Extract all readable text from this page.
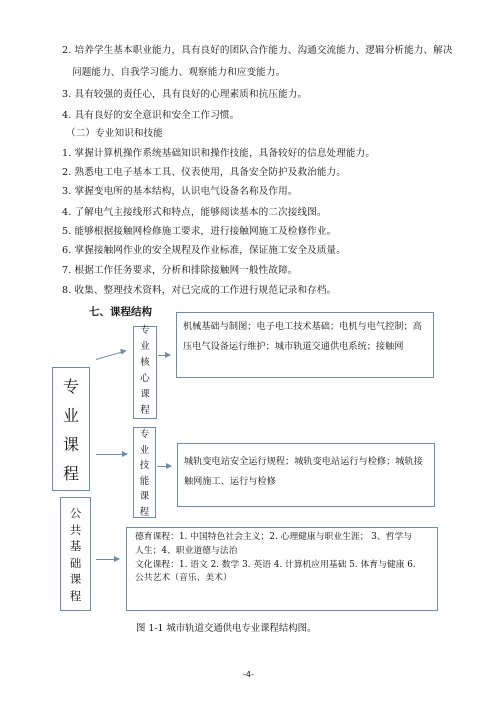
2. 培养学生基本职业能力，具有良好的团队合作能力、沟通交流能力、逻辑分析能力、解决
问题能力、自我学习能力、观察能力和应变能力。
3. 具有较强的责任心，具有良好的心理素质和抗压能力。
4. 具有良好的安全意识和安全工作习惯。
（二）专业知识和技能
1. 掌握计算机操作系统基础知识和操作技能，具备较好的信息处理能力。
2. 熟悉电工电子基本工具、仪表使用，具备安全防护及救治能力。
3. 掌握变电所的基本结构，认识电气设备名称及作用。
4. 了解电气主接线形式和特点，能够阅读基本的二次接线图。
5. 能够根据接触网检修施工要求，进行接触网施工及检修作业。
6. 掌握接触网作业的安全规程及作业标准，保证施工安全及质量。
7. 根据工作任务要求，分析和排除接触网一般性故障。
8. 收集、整理技术资料，对已完成的工作进行规范记录和存档。
七、课程结构
专
业
课
程
公
共
基
础
课
程
专
业
核
心
课
程
专
业
技
能
课
程
机械基础与制图；电子电工技术基础；电机与电气控制；高压电气设备运行维护；城市轨道交通供电系统；接触网
城轨变电站安全运行规程；城轨变电站运行与检修；城轨接触网施工、运行与检修
德育课程：1. 中国特色社会主义；2. 心理健康与职业生涯； 3、哲学与
人生；4、职业道德与法治
文化课程：1. 语文 2. 数学 3. 英语 4. 计算机应用基础 5. 体育与健康 6.
公共艺术（音乐、美术）
图 1-1 城市轨道交通供电专业课程结构图。
-4-
